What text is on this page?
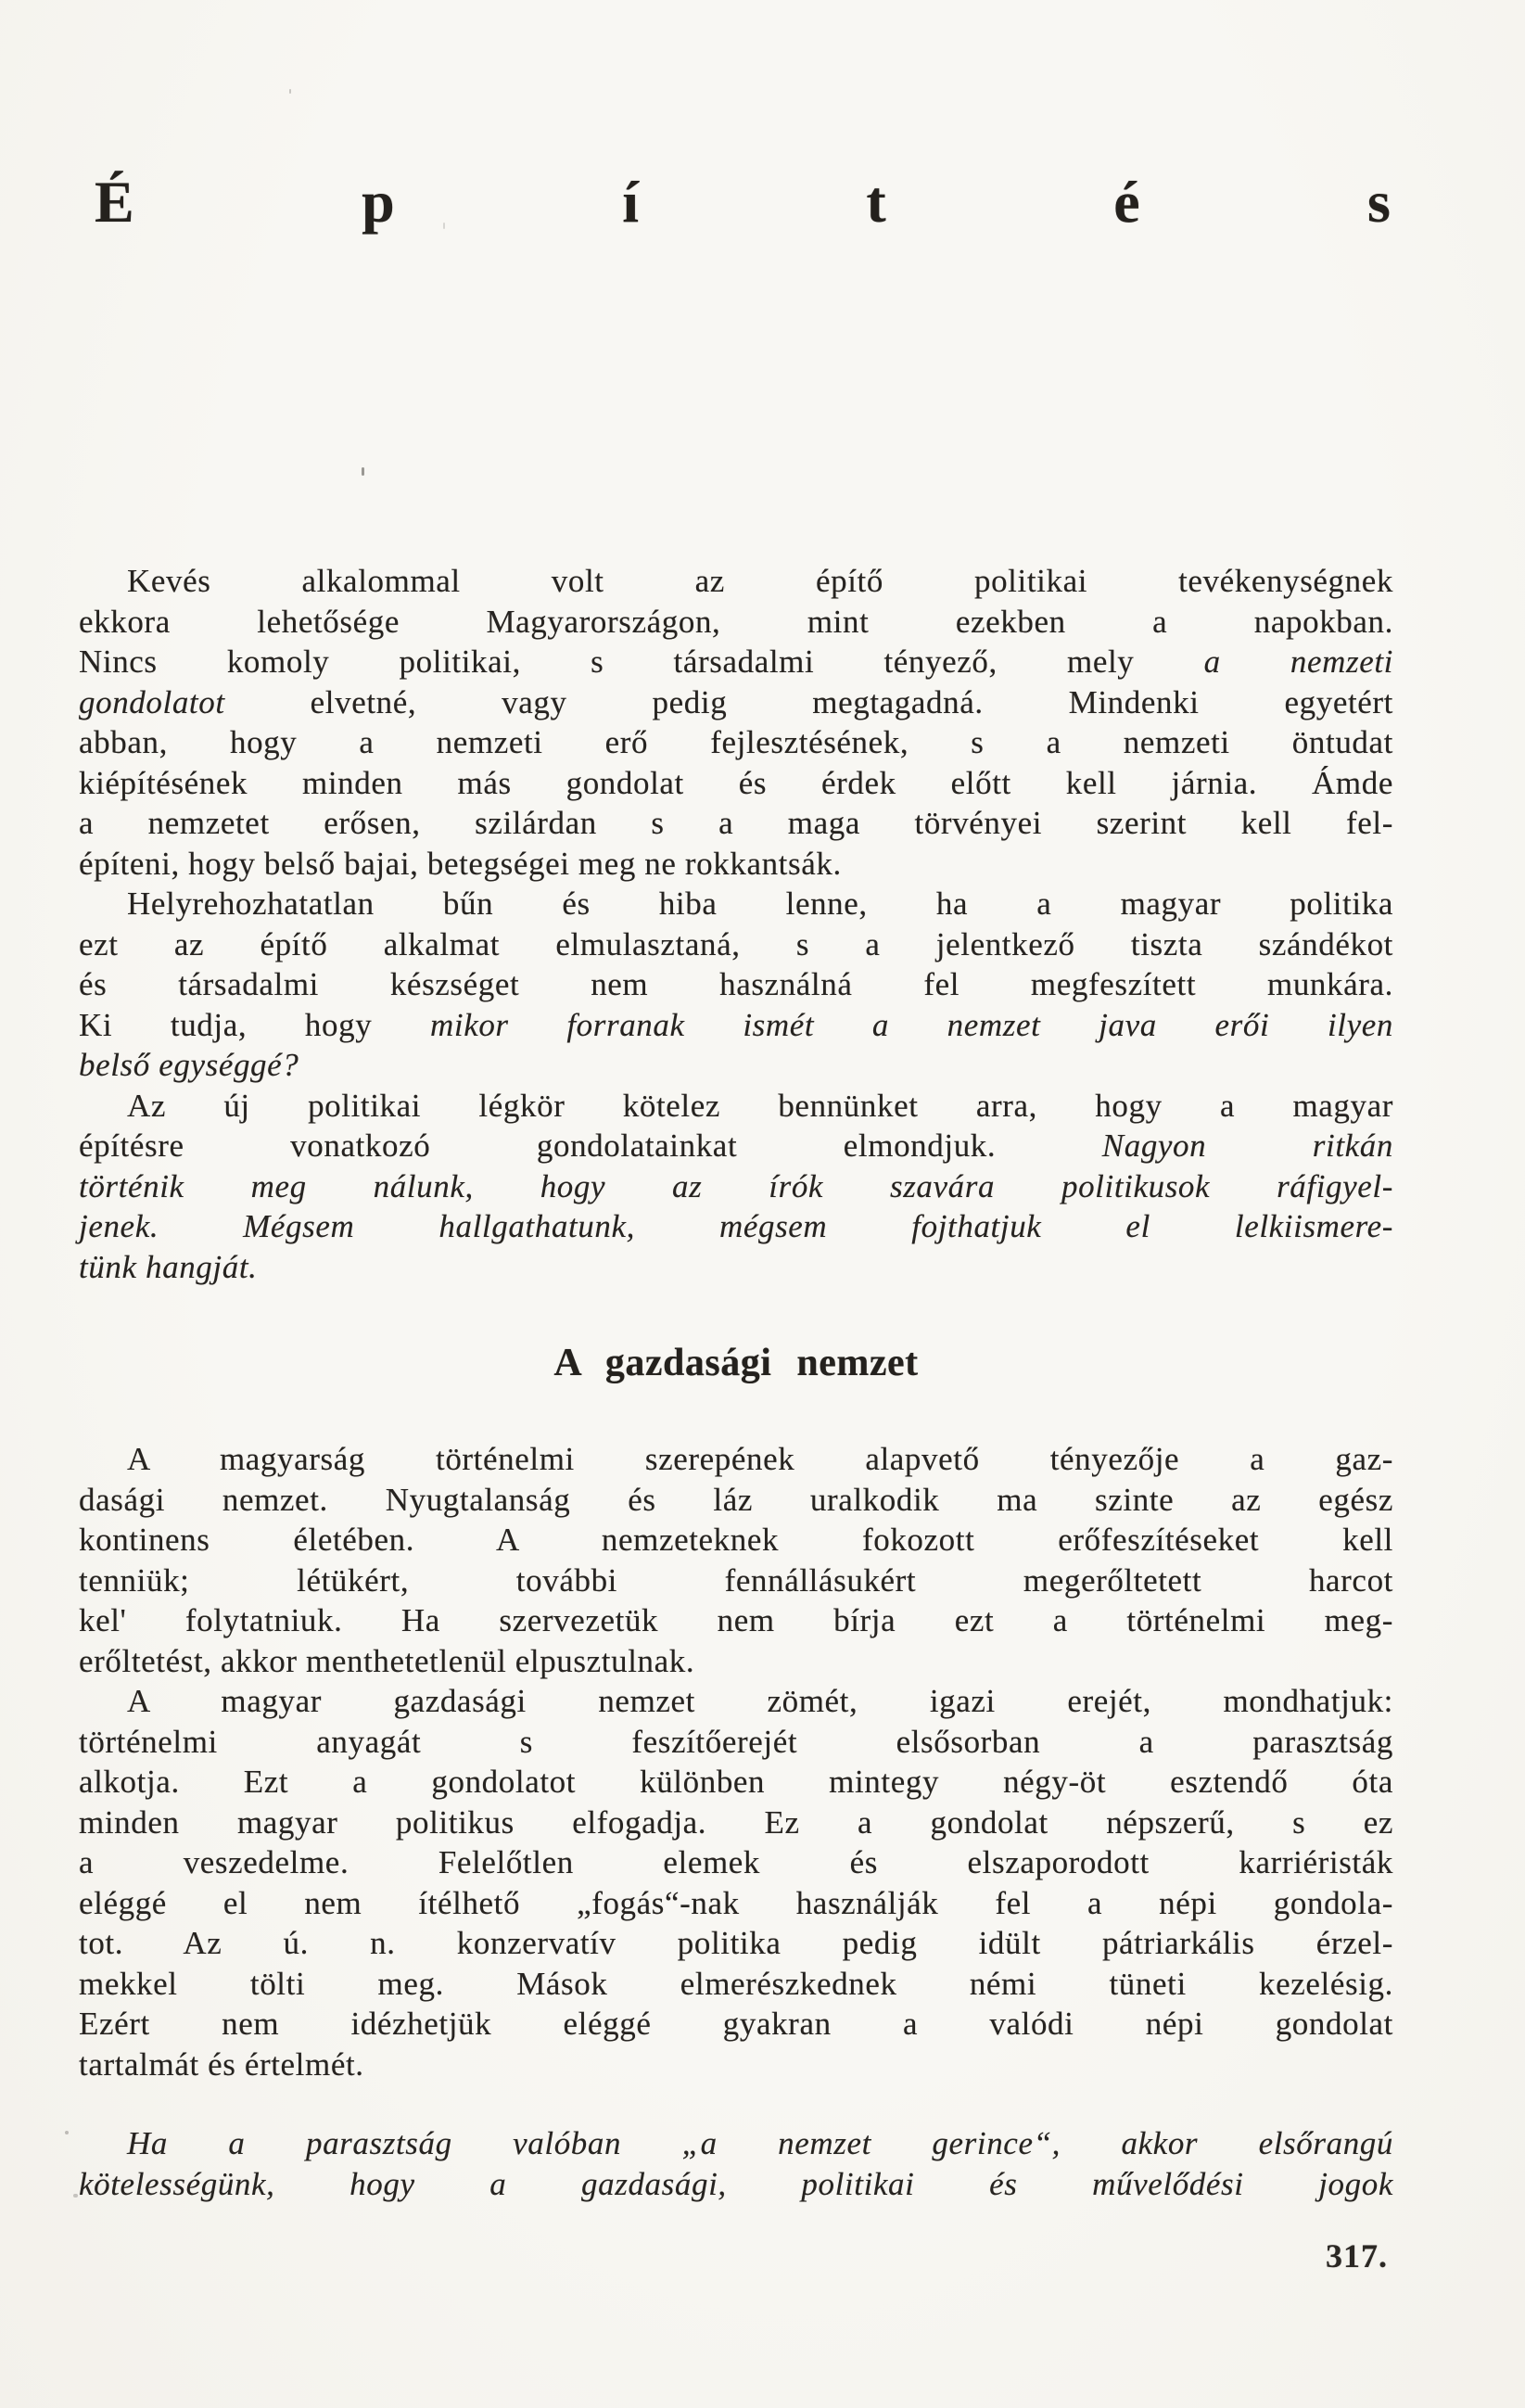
É	p	í	t	é	s
Kevés alkalommal volt az építő politikai tevékenységnek
ekkora lehetősége Magyarországon, mint ezekben a napokban.
Nincs komoly politikai, s társadalmi tényező, mely a nemzeti
gondolatot elvetné, vagy pedig megtagadná. Mindenki egyetért
abban, hogy a nemzeti erő fejlesztésének, s a nemzeti öntudat
kiépítésének minden más gondolat és érdek előtt kell járnia. Ámde
a nemzetet erősen, szilárdan s a maga törvényei szerint kell fel-
építeni, hogy belső bajai, betegségei meg ne rokkantsák.
Helyrehozhatatlan bűn és hiba lenne, ha a magyar politika
ezt az építő alkalmat elmulasztaná, s a jelentkező tiszta szándékot
és társadalmi készséget nem használná fel megfeszített munkára.
Ki tudja, hogy mikor forranak ismét a nemzet java erői ilyen
belső egységgé?
Az új politikai légkör kötelez bennünket arra, hogy a magyar
építésre vonatkozó gondolatainkat elmondjuk. Nagyon ritkán
történik meg nálunk, hogy az írók szavára politikusok ráfigyel-
jenek. Mégsem hallgathatunk, mégsem fojthatjuk el lelkiismere-
tünk hangját.
A gazdasági nemzet
A magyarság történelmi szerepének alapvető tényezője a gaz-
dasági nemzet. Nyugtalanság és láz uralkodik ma szinte az egész
kontinens életében. A nemzeteknek fokozott erőfeszítéseket kell
tenniük; létükért, további fennállásukért megerőltetett harcot
kel' folytatniuk. Ha szervezetük nem bírja ezt a történelmi meg-
erőltetést, akkor menthetetlenül elpusztulnak.
A magyar gazdasági nemzet zömét, igazi erejét, mondhatjuk:
történelmi anyagát s feszítőerejét elsősorban a parasztság
alkotja. Ezt a gondolatot különben mintegy négy-öt esztendő óta
minden magyar politikus elfogadja. Ez a gondolat népszerű, s ez
a veszedelme. Felelőtlen elemek és elszaporodott karriéristák
eléggé el nem ítélhető „fogás“-nak használják fel a népi gondola-
tot. Az ú. n. konzervatív politika pedig idült pátriarkális érzel-
mekkel tölti meg. Mások elmerészkednek némi tüneti kezelésig.
Ezért nem idézhetjük eléggé gyakran a valódi népi gondolat
tartalmát és értelmét.
Ha a parasztság valóban „a nemzet gerince“, akkor elsőrangú
kötelességünk, hogy a gazdasági, politikai és művelődési jogok
317.
